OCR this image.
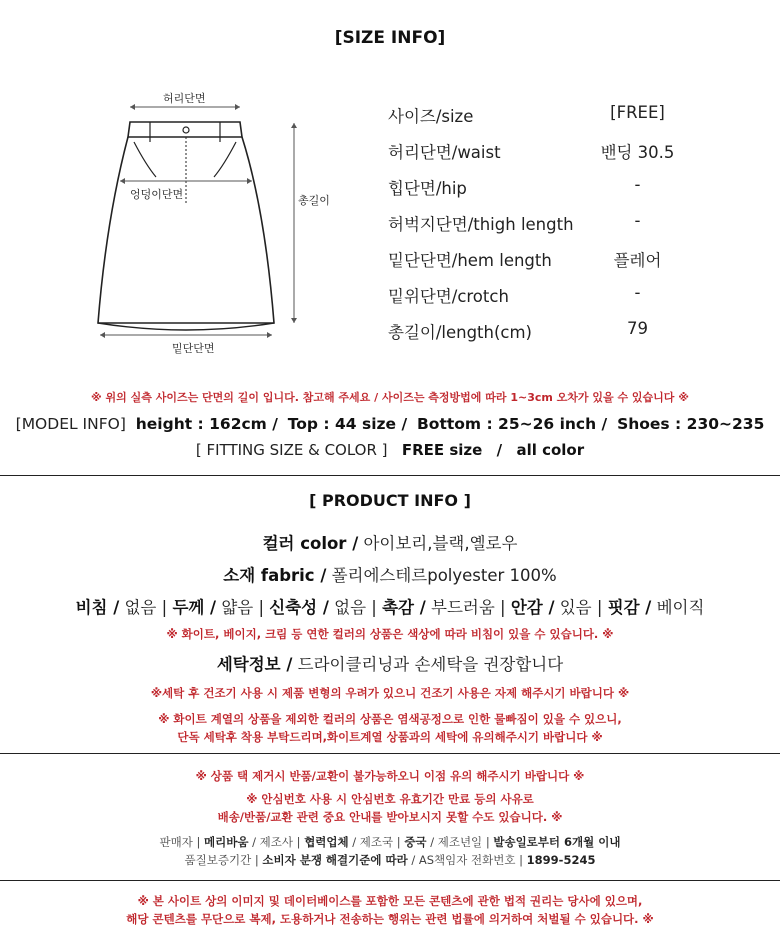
[SIZE INFO]
허리단면
엉덩이단면	총길이
밑단단면
사이즈/size	[FREE]
허리단면/waist	밴딩 30.5
힙단면/hip	-
허벅지단면/thigh length	-
밑단단면/hem length	플레어
밑위단면/crotch	-
총길이/length(cm)	79
※ 위의 실측 사이즈는 단면의 길이 입니다. 참고해 주세요 / 사이즈는 측정방법에 따라 1~3cm 오차가 있을 수 있습니다 ※
[MODEL INFO] height : 162cm / Top : 44 size / Bottom : 25~26 inch / Shoes : 230~235
[ FITTING SIZE & COLOR ] FREE size / all color
[ PRODUCT INFO ]
컬러 color / 아이보리,블랙,옐로우
소재 fabric / 폴리에스테르polyester 100%
비침 / 없음 | 두께 / 얇음 | 신축성 / 없음 | 촉감 / 부드러움 | 안감 / 있음 | 핏감 / 베이직
※ 화이트, 베이지, 크림 등 연한 컬러의 상품은 색상에 따라 비침이 있을 수 있습니다. ※
세탁정보 / 드라이클리닝과 손세탁을 권장합니다
※세탁 후 건조기 사용 시 제품 변형의 우려가 있으니 건조기 사용은 자제 해주시기 바랍니다 ※
※ 화이트 계열의 상품을 제외한 컬러의 상품은 염색공정으로 인한 물빠짐이 있을 수 있으니,
단독 세탁후 착용 부탁드리며,화이트계열 상품과의 세탁에 유의해주시기 바랍니다 ※
※ 상품 택 제거시 반품/교환이 불가능하오니 이점 유의 해주시기 바랍니다 ※
※ 안심번호 사용 시 안심번호 유효기간 만료 등의 사유로
배송/반품/교환 관련 중요 안내를 받아보시지 못할 수도 있습니다. ※
판매자 | 메리바움 / 제조사 | 협력업체 / 제조국 | 중국 / 제조년일 | 발송일로부터 6개월 이내
품질보증기간 | 소비자 분쟁 해결기준에 따라 / AS책임자 전화번호 | 1899-5245
※ 본 사이트 상의 이미지 및 데이터베이스를 포함한 모든 콘텐츠에 관한 법적 권리는 당사에 있으며,
해당 콘텐츠를 무단으로 복제, 도용하거나 전송하는 행위는 관련 법률에 의거하여 처벌될 수 있습니다. ※
